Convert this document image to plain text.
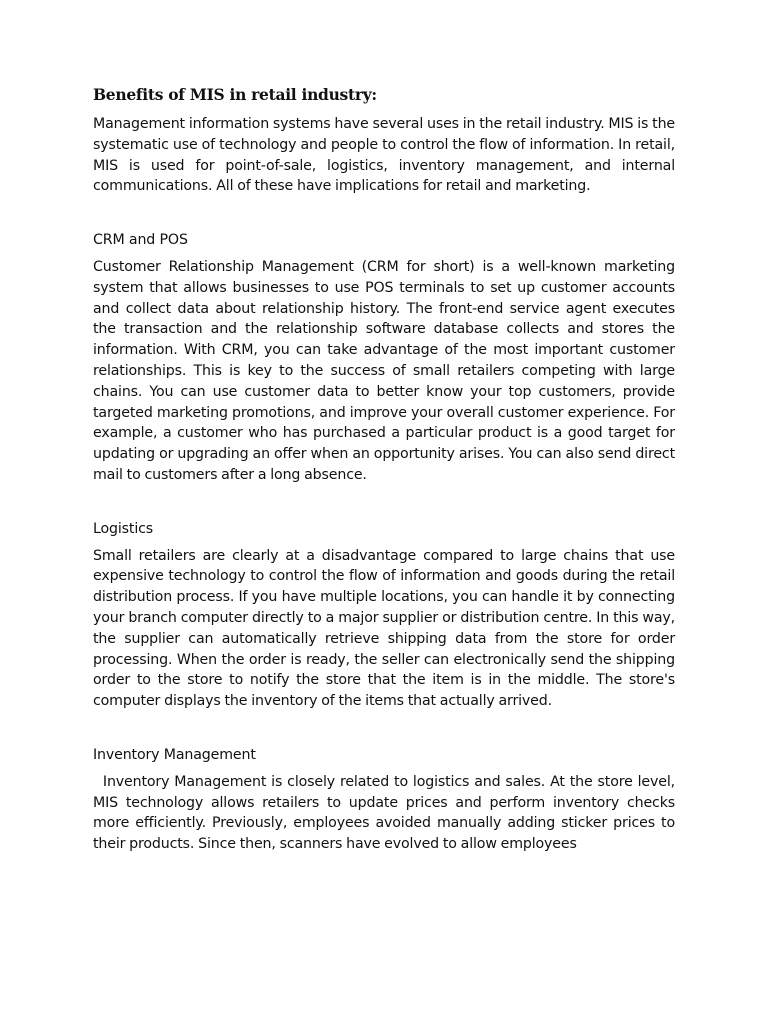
Benefits of MIS in retail industry:

Management information systems have several uses in the retail industry. MIS is the systematic use of technology and people to control the flow of information. In retail, MIS is used for point-of-sale, logistics, inventory management, and internal communications. All of these have implications for retail and marketing.

CRM and POS

Customer Relationship Management (CRM for short) is a well-known marketing system that allows businesses to use POS terminals to set up customer accounts and collect data about relationship history. The front-end service agent executes the transaction and the relationship software database collects and stores the information. With CRM, you can take advantage of the most important customer relationships. This is key to the success of small retailers competing with large chains. You can use customer data to better know your top customers, provide targeted marketing promotions, and improve your overall customer experience. For example, a customer who has purchased a particular product is a good target for updating or upgrading an offer when an opportunity arises. You can also send direct mail to customers after a long absence.

Logistics

Small retailers are clearly at a disadvantage compared to large chains that use expensive technology to control the flow of information and goods during the retail distribution process. If you have multiple locations, you can handle it by connecting your branch computer directly to a major supplier or distribution centre. In this way, the supplier can automatically retrieve shipping data from the store for order processing. When the order is ready, the seller can electronically send the shipping order to the store to notify the store that the item is in the middle. The store's computer displays the inventory of the items that actually arrived.

Inventory Management

Inventory Management is closely related to logistics and sales. At the store level, MIS technology allows retailers to update prices and perform inventory checks more efficiently. Previously, employees avoided manually adding sticker prices to their products. Since then, scanners have evolved to allow employees
